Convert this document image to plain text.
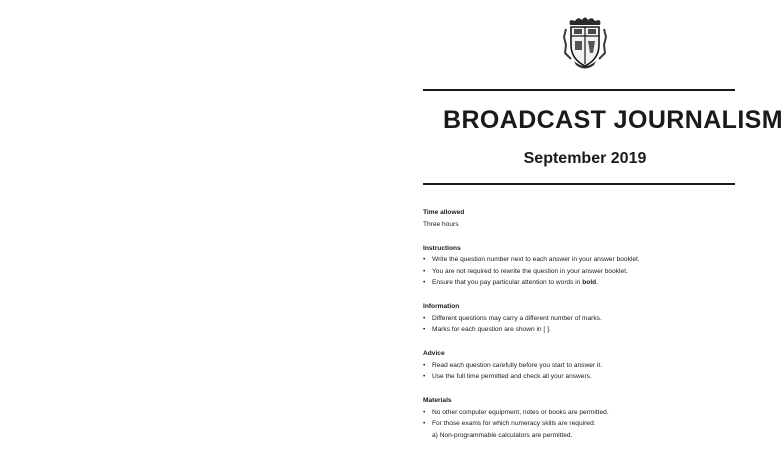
BROADCAST JOURNALISM
September 2019
Time allowed
Three hours
Instructions
• Write the question number next to each answer in your answer booklet.
• You are not required to rewrite the question in your answer booklet.
• Ensure that you pay particular attention to words in bold.
Information
• Different questions may carry a different number of marks.
• Marks for each question are shown in [ ].
Advice
• Read each question carefully before you start to answer it.
• Use the full time permitted and check all your answers.
Materials
• No other computer equipment, notes or books are permitted.
• For those exams for which numeracy skills are required:
a) Non-programmable calculators are permitted.
